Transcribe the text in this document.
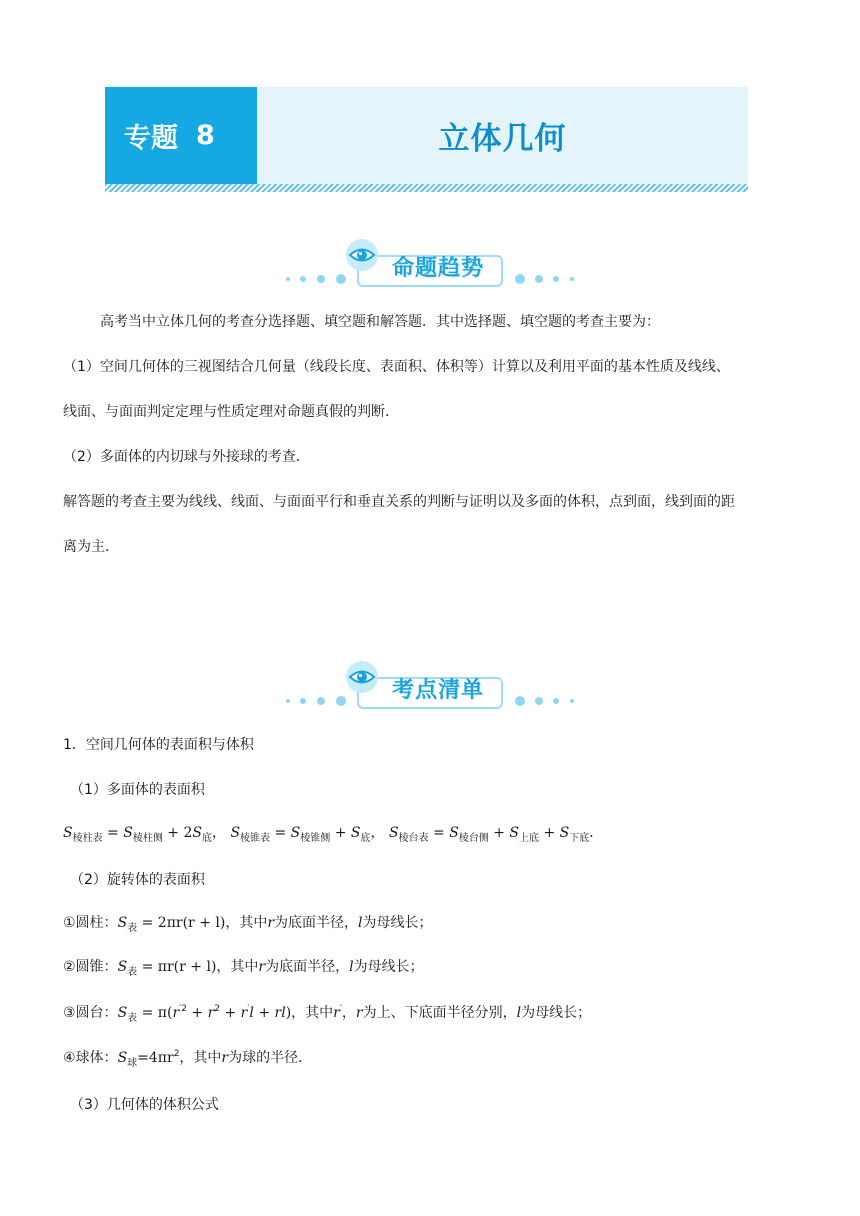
专题 8	立体几何
命题趋势
高考当中立体几何的考查分选择题、填空题和解答题．其中选择题、填空题的考查主要为：
（1）空间几何体的三视图结合几何量（线段长度、表面积、体积等）计算以及利用平面的基本性质及线线、
线面、与面面判定定理与性质定理对命题真假的判断．
（2）多面体的内切球与外接球的考查．
解答题的考查主要为线线、线面、与面面平行和垂直关系的判断与证明以及多面的体积，点到面，线到面的距
离为主．
考点清单
1．空间几何体的表面积与体积
（1）多面体的表面积
$S_{棱柱表} = S_{棱柱侧} + 2S_底$， $S_{棱锥表} = S_{棱锥侧} + S_底$， $S_{棱台表} = S_{棱台侧} + S_{上底} + S_{下底}$．
（2）旋转体的表面积
①圆柱：$S_表 = 2\pi r(r + l)$，其中r为底面半径，l为母线长；
②圆锥：$S_表 = \pi r(r + l)$，其中r为底面半径，l为母线长；
③圆台：$S_表 = \pi(r^{'2} + r^2 + r'l + rl)$，其中r′，r为上、下底面半径分别，l为母线长；
④球体：$S_球=4\pi r^2$，其中r为球的半径．
（3）几何体的体积公式
